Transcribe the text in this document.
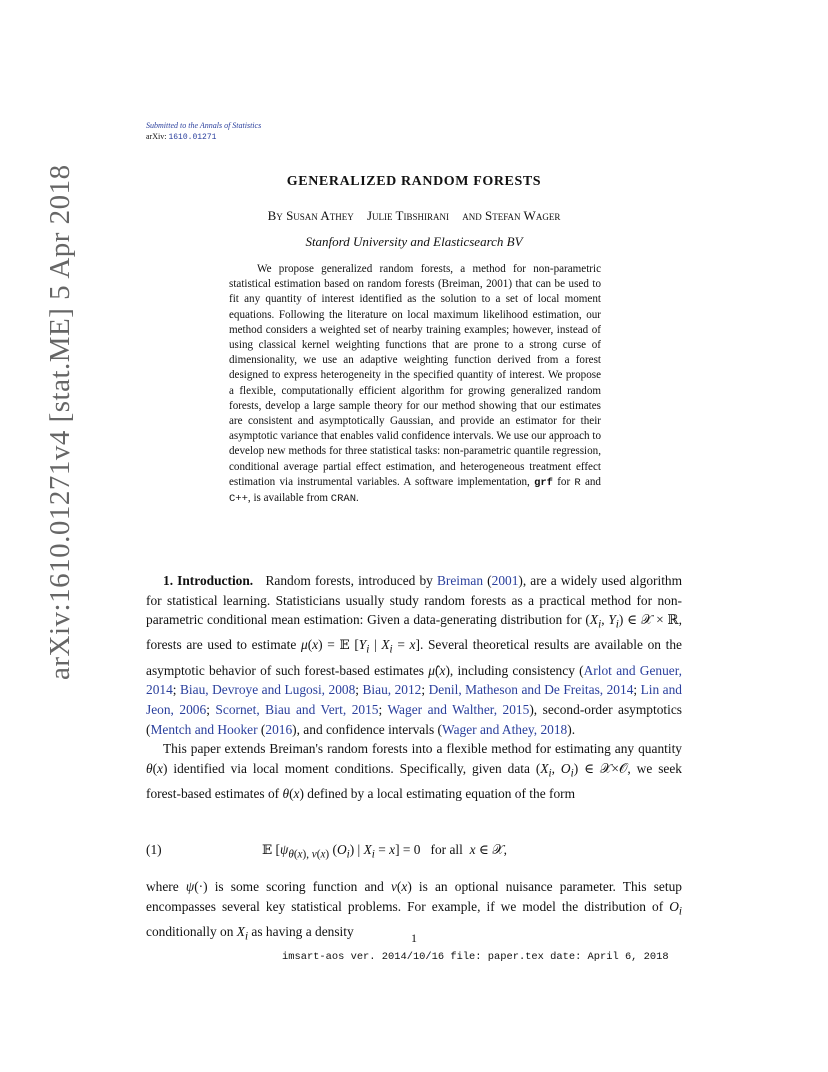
Submitted to the Annals of Statistics
arXiv: 1610.01271
arXiv:1610.01271v4 [stat.ME] 5 Apr 2018	GENERALIZED RANDOM FORESTS
By Susan Athey Julie Tibshirani and Stefan Wager
Stanford University and Elasticsearch BV

We propose generalized random forests, a method for non-parametric statistical estimation based on random forests (Breiman, 2001) that can be used to fit any quantity of interest identified as the solution to a set of local moment equations. Following the literature on local maximum likelihood estimation, our method considers a weighted set of nearby training examples; however, instead of using classical kernel weighting functions that are prone to a strong curse of dimensionality, we use an adaptive weighting function derived from a forest designed to express heterogeneity in the specified quantity of interest. We propose a flexible, computationally efficient algorithm for growing generalized random forests, develop a large sample theory for our method showing that our estimates are consistent and asymptotically Gaussian, and provide an estimator for their asymptotic variance that enables valid confidence intervals. We use our approach to develop new methods for three statistical tasks: non-parametric quantile regression, conditional average partial effect estimation, and heterogeneous treatment effect estimation via instrumental variables. A software implementation, grf for R and C++, is available from CRAN.

1. Introduction. Random forests, introduced by Breiman (2001), are a widely used algorithm for statistical learning. Statisticians usually study random forests as a practical method for non-parametric conditional mean estimation: Given a data-generating distribution for ($X_i$, $Y_i$) ∈ 𝒳 × ℝ, forests are used to estimate μ(x) = 𝔼 [$Y_i$ | $X_i = x$]. Several theoretical results are available on the asymptotic behavior of such forest-based estimates μ̂(x), including consistency (Arlot and Genuer, 2014; Biau, Devroye and Lugosi, 2008; Biau, 2012; Denil, Matheson and De Freitas, 2014; Lin and Jeon, 2006; Scornet, Biau and Vert, 2015; Wager and Walther, 2015), second-order asymptotics (Mentch and Hooker (2016), and confidence intervals (Wager and Athey, 2018).

This paper extends Breiman's random forests into a flexible method for estimating any quantity θ(x) identified via local moment conditions. Specifically, given data ($X_i$, $O_i$) ∈ 𝒳×𝒪, we seek forest-based estimates of θ(x) defined by a local estimating equation of the form

(1)	𝔼 [$\psi_{\theta(x), \nu(x)}$ $(O_i)$ | $X_i = x] = 0$   for all x ∈ 𝒳,

where ψ(·) is some scoring function and ν(x) is an optional nuisance parameter. This setup encompasses several key statistical problems. For example, if we model the distribution of $O_i$ conditionally on $X_i$ as having a density	1
imsart-aos ver. 2014/10/16 file: paper.tex date: April 6, 2018
